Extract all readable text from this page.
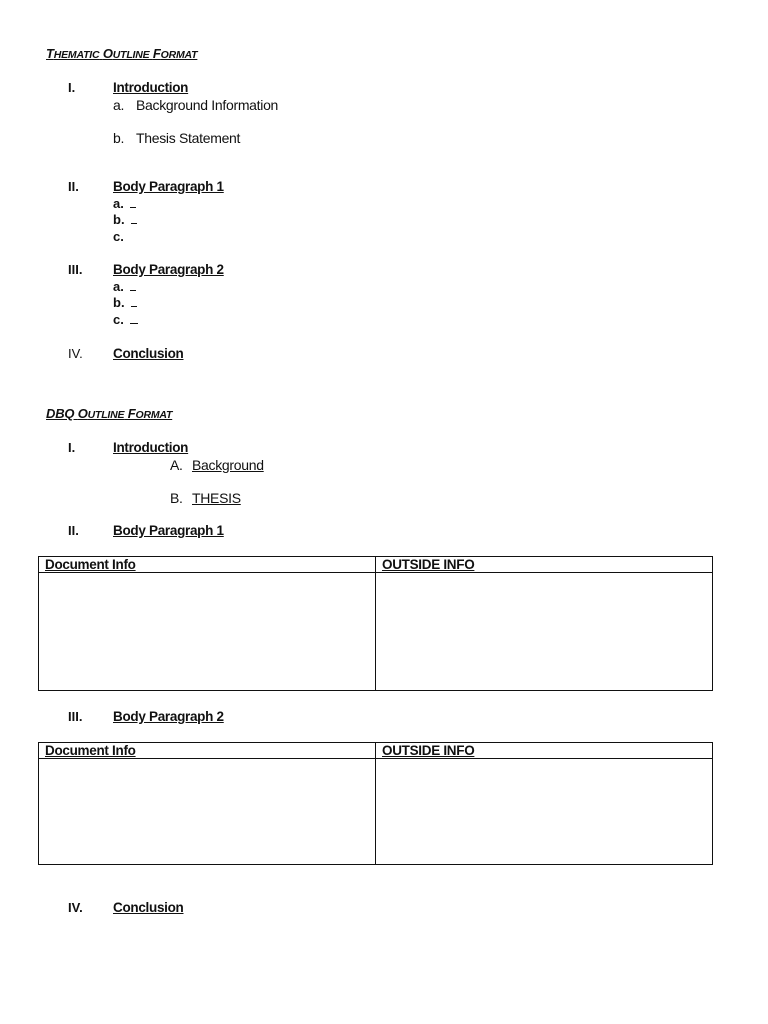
THEMATIC OUTLINE FORMAT
I.	Introduction
a. Background Information
b. Thesis Statement
II.	Body Paragraph 1
a.
b.
c.
III. Body Paragraph 2
a.
b.
c.
IV. Conclusion
DBQ OUTLINE FORMAT
I.	Introduction
A. Background
B. THESIS
II.	Body Paragraph 1
Document Info	OUTSIDE INFO

III. Body Paragraph 2
Document Info	OUTSIDE INFO

IV. Conclusion
